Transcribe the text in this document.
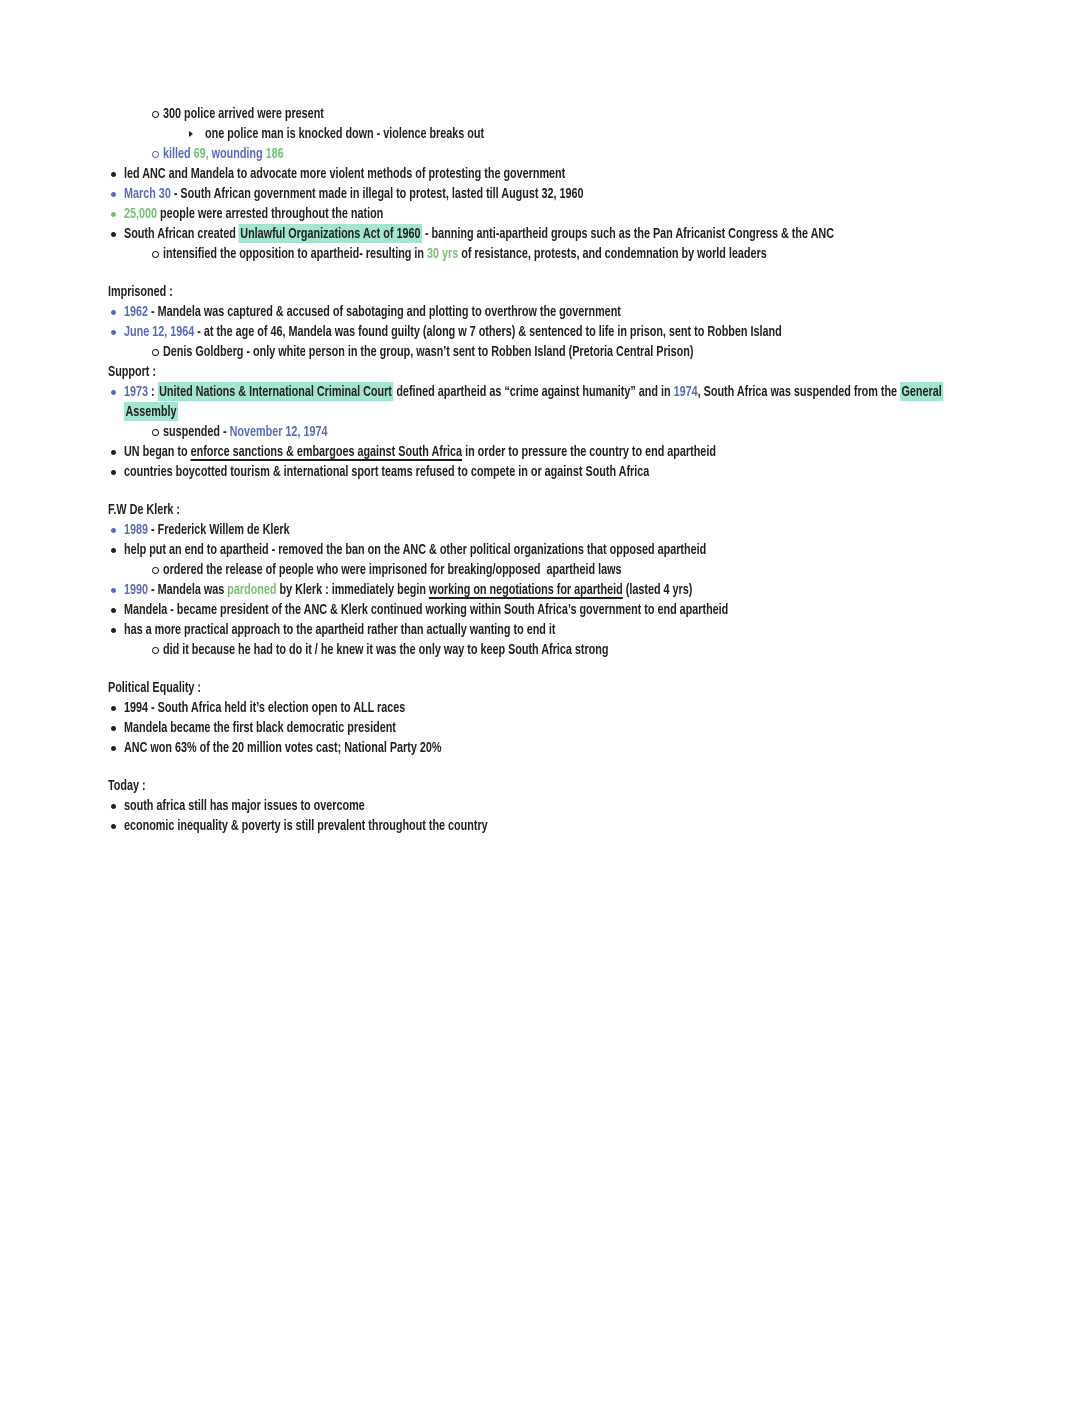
300 police arrived were present
one police man is knocked down - violence breaks out
killed 69, wounding 186
led ANC and Mandela to advocate more violent methods of protesting the government
March 30 - South African government made in illegal to protest, lasted till August 32, 1960
25,000 people were arrested throughout the nation
South African created Unlawful Organizations Act of 1960 - banning anti-apartheid groups such as the Pan Africanist Congress & the ANC
intensified the opposition to apartheid- resulting in 30 yrs of resistance, protests, and condemnation by world leaders
Imprisoned :
1962 - Mandela was captured & accused of sabotaging and plotting to overthrow the government
June 12, 1964 - at the age of 46, Mandela was found guilty (along w 7 others) & sentenced to life in prison, sent to Robben Island
Denis Goldberg - only white person in the group, wasn’t sent to Robben Island (Pretoria Central Prison)
Support :
1973 : United Nations & International Criminal Court defined apartheid as “crime against humanity” and in 1974, South Africa was suspended from the General
Assembly
suspended - November 12, 1974
UN began to enforce sanctions & embargoes against South Africa in order to pressure the country to end apartheid
countries boycotted tourism & international sport teams refused to compete in or against South Africa
F.W De Klerk :
1989 - Frederick Willem de Klerk
help put an end to apartheid - removed the ban on the ANC & other political organizations that opposed apartheid
ordered the release of people who were imprisoned for breaking/opposed  apartheid laws
1990 - Mandela was pardoned by Klerk : immediately begin working on negotiations for apartheid (lasted 4 yrs)
Mandela - became president of the ANC & Klerk continued working within South Africa’s government to end apartheid
has a more practical approach to the apartheid rather than actually wanting to end it
did it because he had to do it / he knew it was the only way to keep South Africa strong
Political Equality :
1994 - South Africa held it’s election open to ALL races
Mandela became the first black democratic president
ANC won 63% of the 20 million votes cast; National Party 20%
Today :
south africa still has major issues to overcome
economic inequality & poverty is still prevalent throughout the country
